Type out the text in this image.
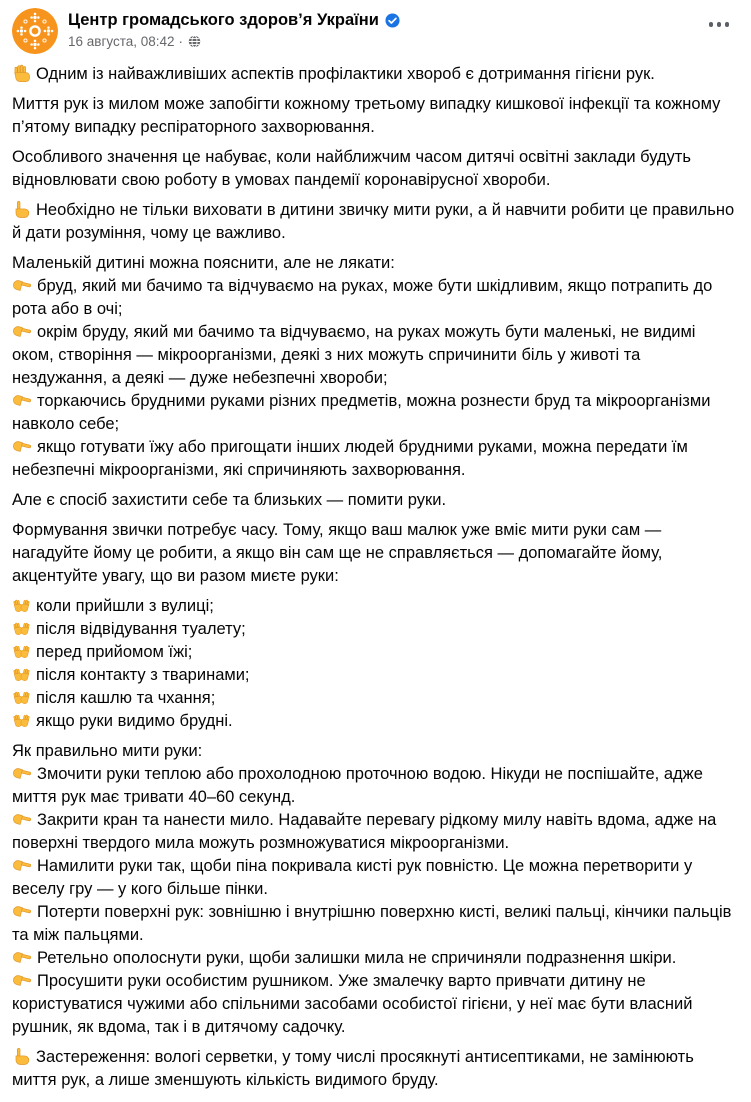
Центр громадського здоров’я України
16 августа, 08:42 ·
Одним із найважливіших аспектів профілактики хвороб є дотримання гігієни рук.
Миття рук із милом може запобігти кожному третьому випадку кишкової інфекції та кожному п’ятому випадку респіраторного захворювання.
Особливого значення це набуває, коли найближчим часом дитячі освітні заклади будуть відновлювати свою роботу в умовах пандемії коронавірусної хвороби.
Необхідно не тільки виховати в дитини звичку мити руки, а й навчити робити це правильно й дати розуміння, чому це важливо.
Маленькій дитині можна пояснити, але не лякати:
бруд, який ми бачимо та відчуваємо на руках, може бути шкідливим, якщо потрапить до рота або в очі;
окрім бруду, який ми бачимо та відчуваємо, на руках можуть бути маленькі, не видимі оком, створіння — мікроорганізми, деякі з них можуть спричинити біль у животі та нездужання, а деякі — дуже небезпечні хвороби;
торкаючись брудними руками різних предметів, можна рознести бруд та мікроорганізми навколо себе;
якщо готувати їжу або пригощати інших людей брудними руками, можна передати їм небезпечні мікроорганізми, які спричиняють захворювання.
Але є спосіб захистити себе та близьких — помити руки.
Формування звички потребує часу. Тому, якщо ваш малюк уже вміє мити руки сам — нагадуйте йому це робити, а якщо він сам ще не справляється — допомагайте йому, акцентуйте увагу, що ви разом миєте руки:
коли прийшли з вулиці;
після відвідування туалету;
перед прийомом їжі;
після контакту з тваринами;
після кашлю та чхання;
якщо руки видимо брудні.
Як правильно мити руки:
Змочити руки теплою або прохолодною проточною водою. Нікуди не поспішайте, адже миття рук має тривати 40–60 секунд.
Закрити кран та нанести мило. Надавайте перевагу рідкому милу навіть вдома, адже на поверхні твердого мила можуть розмножуватися мікроорганізми.
Намилити руки так, щоби піна покривала кисті рук повністю. Це можна перетворити у веселу гру — у кого більше пінки.
Потерти поверхні рук: зовнішню і внутрішню поверхню кисті, великі пальці, кінчики пальців та між пальцями.
Ретельно ополоснути руки, щоби залишки мила не спричиняли подразнення шкіри.
Просушити руки особистим рушником. Уже змалечку варто привчати дитину не користуватися чужими або спільними засобами особистої гігієни, у неї має бути власний рушник, як вдома, так і в дитячому садочку.
Застереження: вологі серветки, у тому числі просякнуті антисептиками, не замінюють миття рук, а лише зменшують кількість видимого бруду.
